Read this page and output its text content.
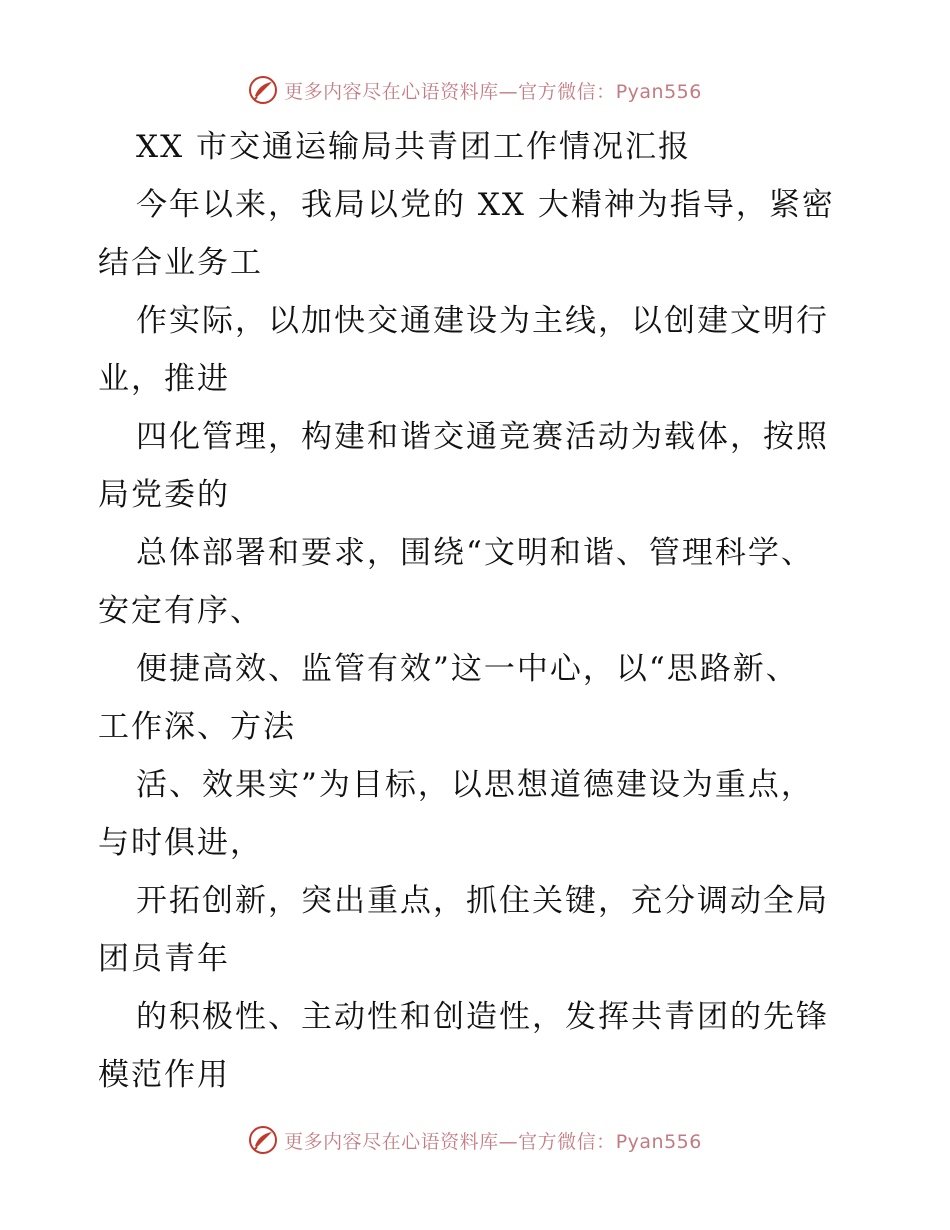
更多内容尽在心语资料库—官方微信：Pyan556
XX 市交通运输局共青团工作情况汇报
今年以来，我局以党的 XX 大精神为指导，紧密
结合业务工
作实际，以加快交通建设为主线，以创建文明行
业，推进
四化管理，构建和谐交通竞赛活动为载体，按照
局党委的
总体部署和要求，围绕“文明和谐、管理科学、
安定有序、
便捷高效、监管有效”这一中心，以“思路新、
工作深、方法
活、效果实”为目标，以思想道德建设为重点，
与时俱进，
开拓创新，突出重点，抓住关键，充分调动全局
团员青年
的积极性、主动性和创造性，发挥共青团的先锋
模范作用
更多内容尽在心语资料库—官方微信：Pyan556
